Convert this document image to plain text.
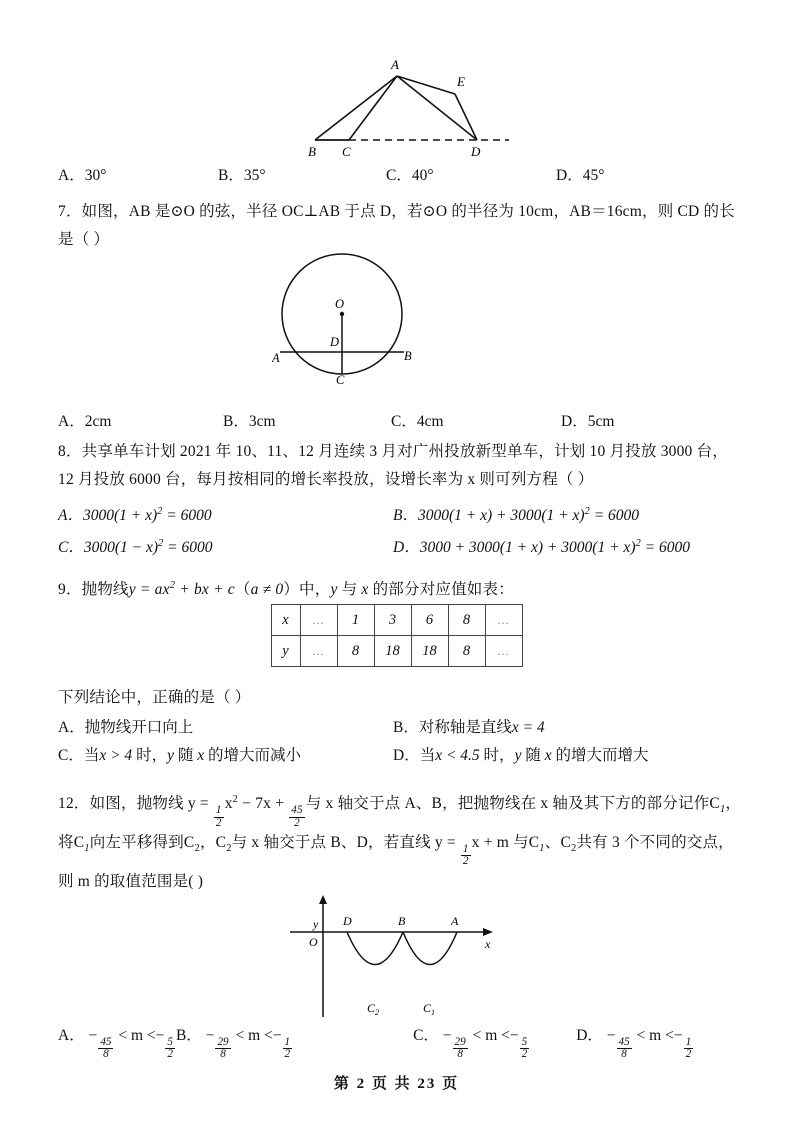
A
B C	D
E
A．30°	B．35°	C．40°	D．45°

7．如图，AB 是⊙O 的弦，半径 OC⊥AB 于点 D，若⊙O 的半径为 10cm，AB＝16cm，则 CD 的长

是（ ）

O
D
A	B
C
A．2cm	B．3cm	C．4cm	D．5cm

8．共享单车计划 2021 年 10、11、12 月连续 3 月对广州投放新型单车，计划 10 月投放 3000 台，

12 月投放 6000 台，每月按相同的增长率投放，设增长率为 x 则可列方程（ ）

A．$3000(1 + x)^2 = 6000$	B．$3000(1 + x) + 3000(1 + x)^2 = 6000$
C．$3000(1 - x)^2 = 6000$	D．$3000 + 3000(1 + x) + 3000(1 + x)^2 = 6000$

9．抛物线$y = ax^2$ + bx + c（a ≠ 0）中，y 与 x 的部分对应值如表：

x	…	1	3	6	8	…
y	…	8	18	18	8	…

下列结论中，正确的是（ ）

A．抛物线开口向上	B．对称轴是直线x = 4
C．当x > 4 时，y 随 x 的增大而减小	D．当x < 4.5 时，y 随 x 的增大而增大

12．如图，抛物线 y =
$\frac{1}{2}$
$x^2 - 7x$ +
$\frac{45}{2}$
与 x 轴交于点 A、B，把抛物线在 x 轴及其下方的部分记作$C_1$，

将$C_1$向左平移得到$C_2$，$C_2$与 x 轴交于点 B、D，若直线 y =
$\frac{1}{2}$
x + m 与$C_1$、$C_2$共有 3 个不同的交点，

则 m 的取值范围是( )

y
x
O
D	B	A
$C_2$	$C_1$
A． −
$\frac{45}{8}$
< m <−
$\frac{5}{2}$
B． −
$\frac{29}{8}$
< m <−
$\frac{1}{2}$
C． −
$\frac{29}{8}$
< m <−
$\frac{5}{2}$
D． −
$\frac{45}{8}$
< m <−
$\frac{1}{2}$
第 2 页 共 23 页
